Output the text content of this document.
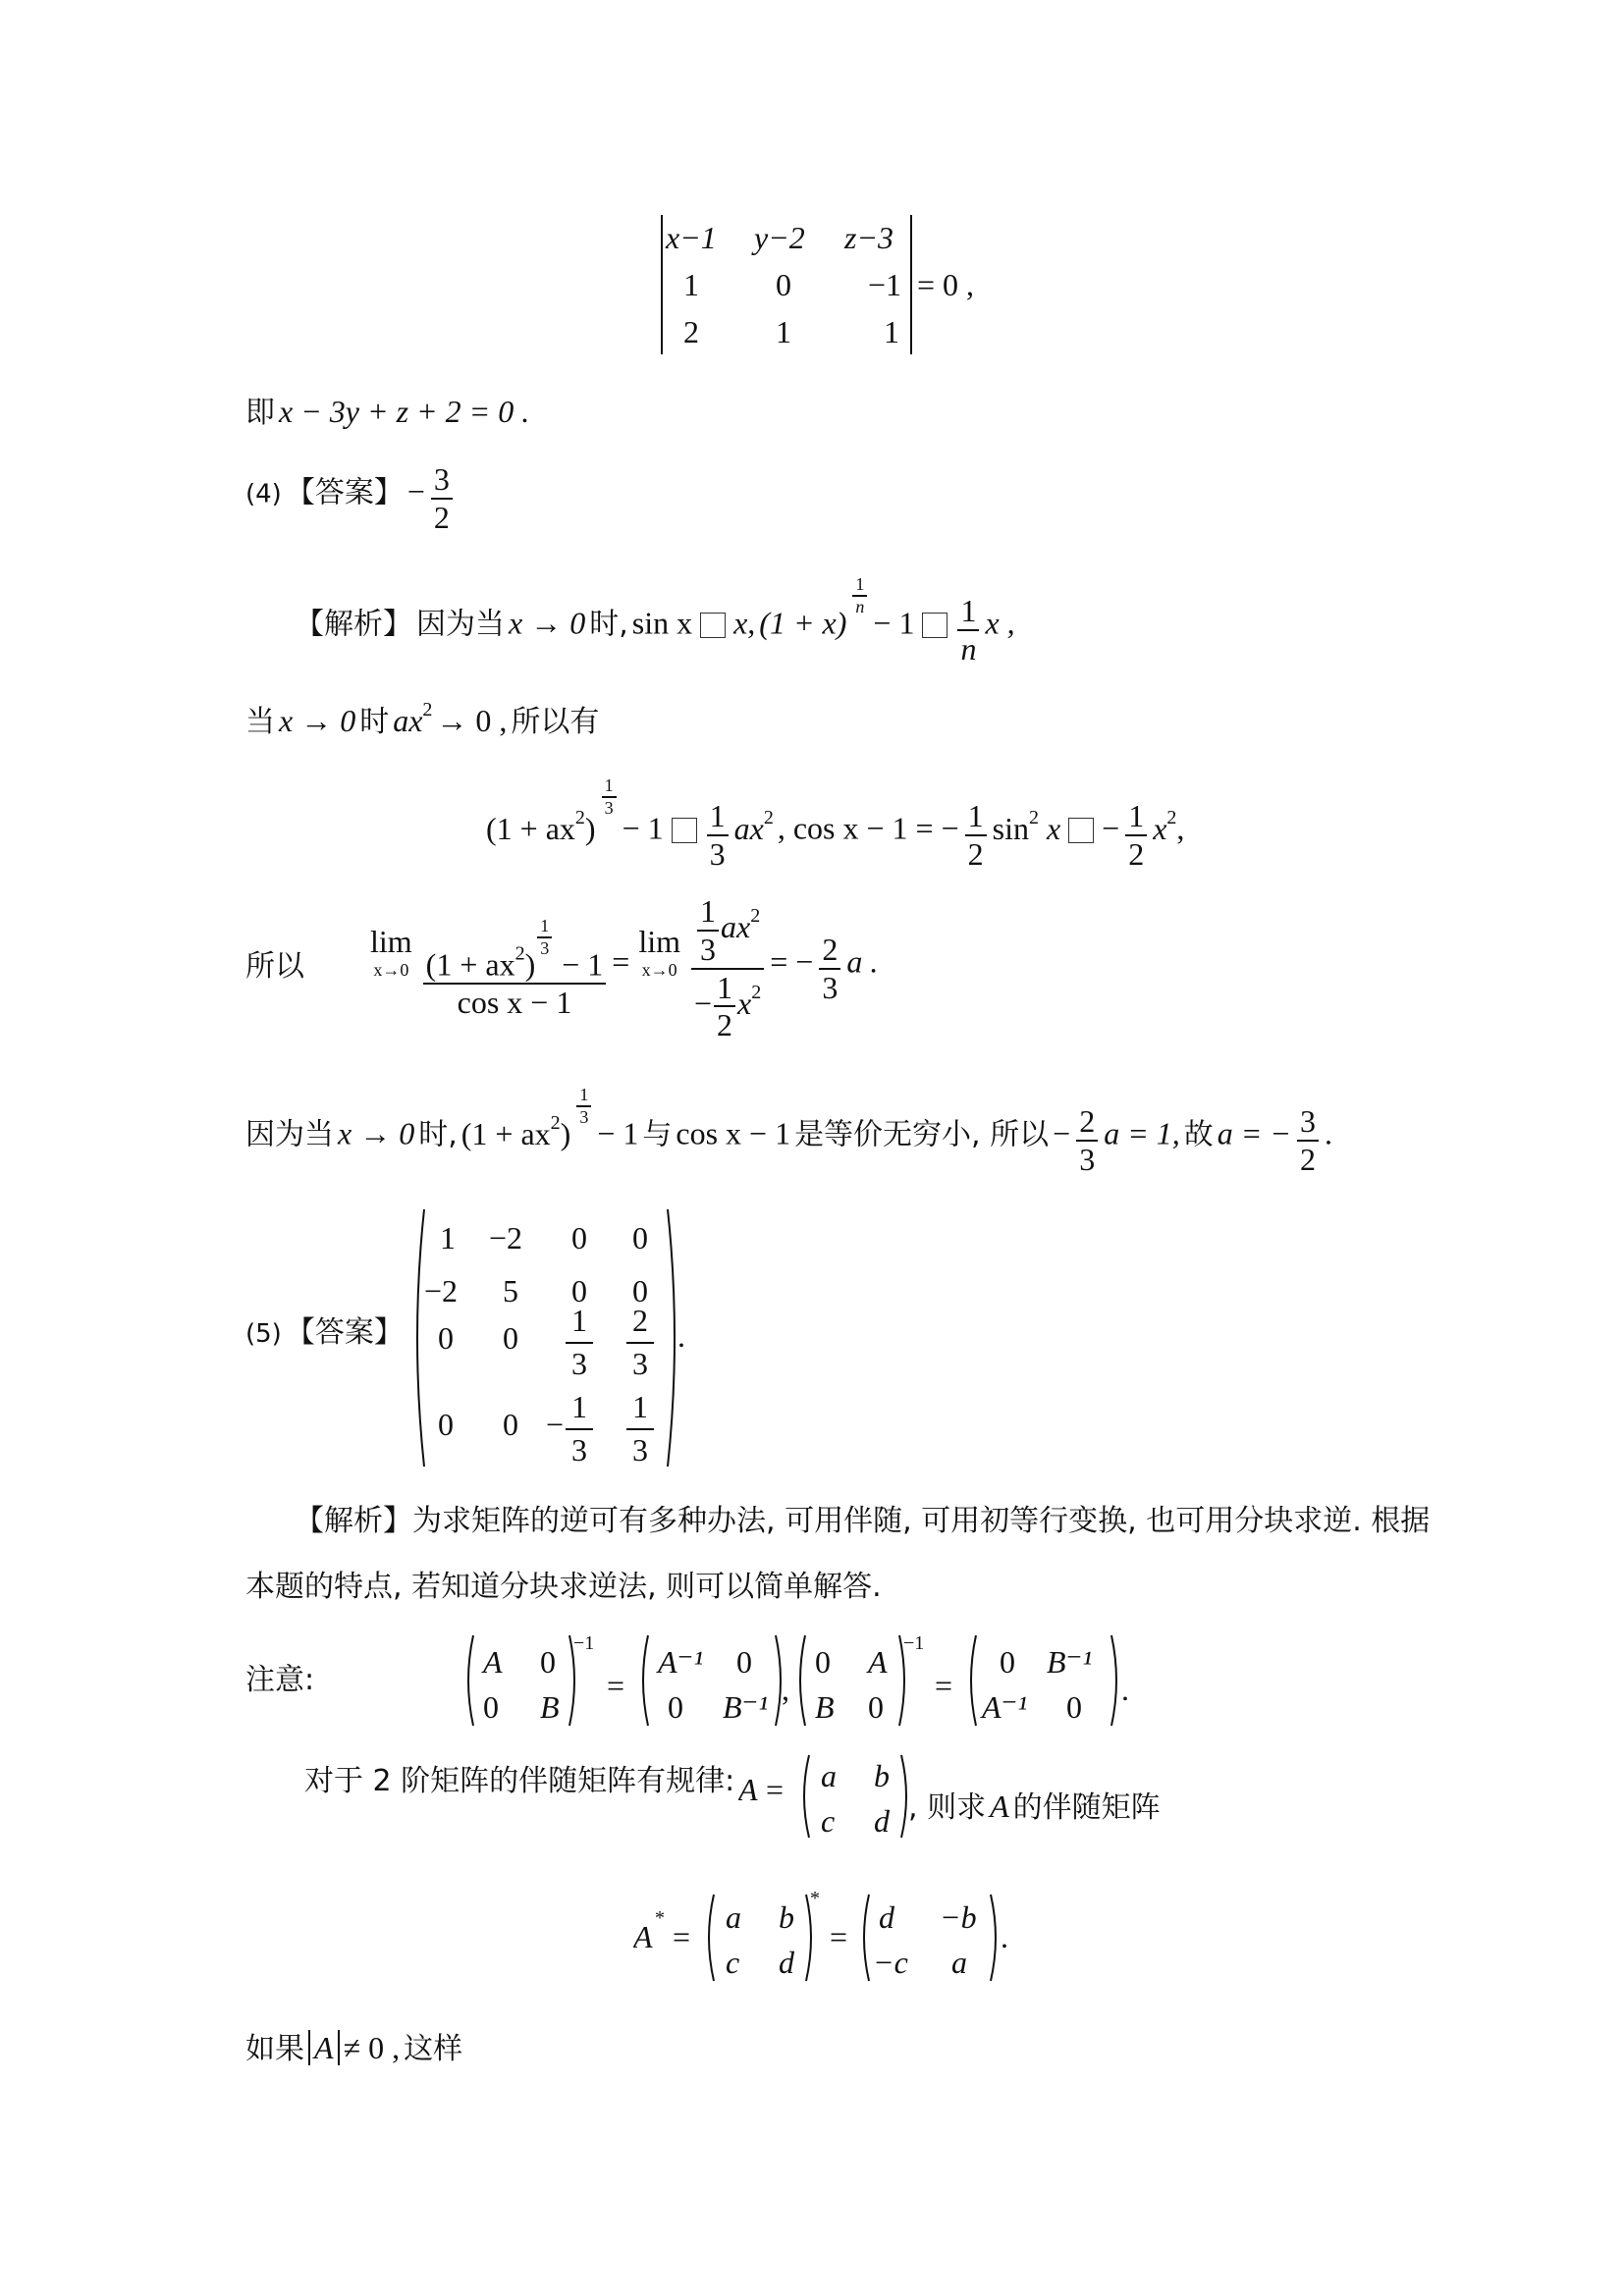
x−1 y−2 z−3
1 0 −1
2 1	1
= 0 ,
即 x − 3y + z + 2 = 0 .
(4) 【答案】 − $\frac{3}{2}$
【解析】 因为当 x → 0 时, sin x x, (1 + x)
$\frac{1}{n}$
− $1 \frac{1}{n}$ x ,
当 x → 0 时 $ax^2 \to 0$ , 所以有
$(1 + ax^2)$
$\frac{1}{3}$
− $1 \frac{1}{3} ax^2$ , cos x − 1 = − $\frac{1}{2} \sin^2 x - \frac{1}{2} x^2$,
所以
lim
x→0
$(1 + ax^2)$
$\frac{1}{3}$
− 1
cos x − 1 =
lim
x→0
$\frac{\frac{1}{3} ax^2}{- \frac{1}{2} x^2}$ = − $\frac{2}{3}$ a .
因为当 x → 0 时, $(1 + ax^2)$
$\frac{1}{3}$
− 1 与 cos x − 1 是等价无穷小, 所以 − $\frac{2}{3}$ a = 1, 故 a = − $\frac{3}{2}$ .
(5) 【答案】
1 −2 0 0
−2 5 0 0
0 0 1
3
2
3
0 0 − 1
3
1
3
.
【解析】为求矩阵的逆可有多种办法, 可用伴随, 可用初等行变换, 也可用分块求逆. 根据
本题的特点, 若知道分块求逆法, 则可以简单解答.
注意:
A 0
0 B
−1
=
A⁻¹ 0
0 B⁻¹ ,
0 A
B 0
−1
=
0 B⁻¹
A⁻¹ 0 .
对于 2 阶矩阵的伴随矩阵有规律: A = a b
c d , 则求 A 的伴随矩阵
A
*
=
a b
c d
*
=
d −b
−c a
.
如果 A ≠ 0 , 这样
